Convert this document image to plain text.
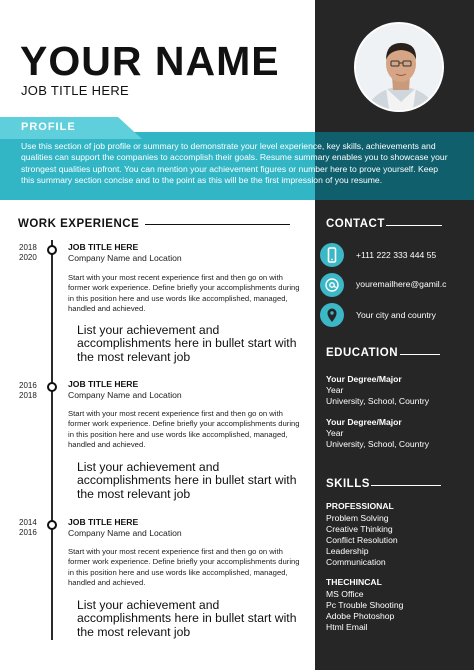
YOUR NAME
JOB TITLE HERE
PROFILE
Use this section of job profile or summary to demonstrate your level experience, key skills, achievements and qualities can support the companies to accomplish their goals. Resume summary enables you to showcase your strongest qualities upfront. You can mention your achievement figures or number here to prove yourself. Keep this summary section concise and to the point as this will be the first impression of you resume.
WORK EXPERIENCE
2018
2020
JOB TITLE HERE
Company Name and Location
Start with your most recent experience first and then go on with former work experience. Define briefly your accomplishments during in this position here and use words like accomplished, managed, handled and achieved.
List your achievement and accomplishments here in bullet start with the most relevant job
2016
2018
JOB TITLE HERE
Company Name and Location
Start with your most recent experience first and then go on with former work experience. Define briefly your accomplishments during in this position here and use words like accomplished, managed, handled and achieved.
List your achievement and accomplishments here in bullet start with the most relevant job
2014
2016
JOB TITLE HERE
Company Name and Location
Start with your most recent experience first and then go on with former work experience. Define briefly your accomplishments during in this position here and use words like accomplished, managed, handled and achieved.
List your achievement and accomplishments here in bullet start with the most relevant job
CONTACT
+111 222 333 444 55
youremailhere@gamil.c
Your city and country
EDUCATION
Your Degree/Major
Year
University, School, Country
Your Degree/Major
Year
University, School, Country
SKILLS
PROFESSIONAL
Problem Solving
Creative Thinking
Conflict Resolution
Leadership
Communication
THECHINCAL
MS Office
Pc Trouble Shooting
Adobe Photoshop
Html Email
